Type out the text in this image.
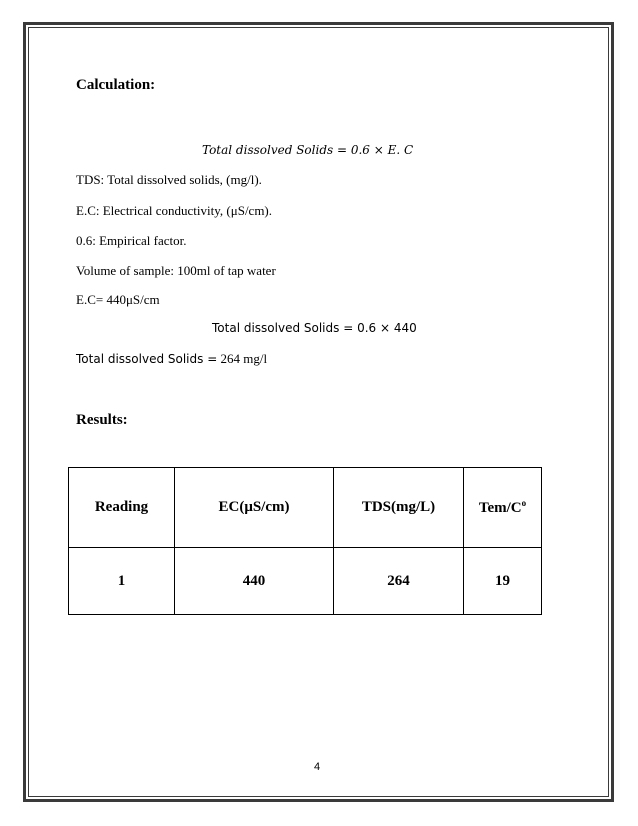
Calculation:
Total dissolved Solids = 0.6 × E. C
TDS: Total dissolved solids, (mg/l).
E.C: Electrical conductivity, (μS/cm).
0.6: Empirical factor.
Volume of sample: 100ml of tap water
E.C= 440μS/cm
Total dissolved Solids = 0.6 × 440
Total dissolved Solids = 264 mg/l
Results:
Reading	EC(μS/cm)	TDS(mg/L)	Tem/$C^o$
1	440	264	19
4
